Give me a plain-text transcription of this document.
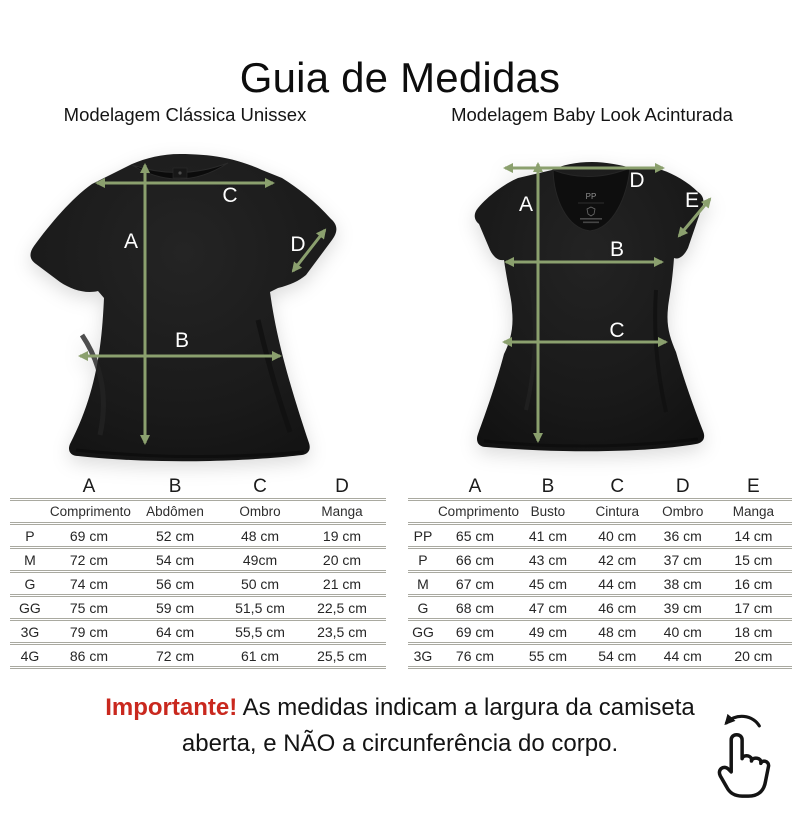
Guia de Medidas
Modelagem Clássica Unissex	Modelagem Baby Look Acinturada
A
B
C
D
PP
A
B
C
D
E
	A	B	C	D
	Comprimento	Abdômen	Ombro	Manga
P	69 cm	52 cm	48 cm	19 cm
M	72 cm	54 cm	49cm	20 cm
G	74 cm	56 cm	50 cm	21 cm
GG	75 cm	59 cm	51,5 cm	22,5 cm
3G	79 cm	64 cm	55,5 cm	23,5 cm
4G	86 cm	72 cm	61 cm	25,5 cm
	A	B	C	D	E
	Comprimento	Busto	Cintura	Ombro	Manga
PP	65 cm	41 cm	40 cm	36 cm	14 cm
P	66 cm	43 cm	42 cm	37 cm	15 cm
M	67 cm	45 cm	44 cm	38 cm	16 cm
G	68 cm	47 cm	46 cm	39 cm	17 cm
GG	69 cm	49 cm	48 cm	40 cm	18 cm
3G	76 cm	55 cm	54 cm	44 cm	20 cm
Importante! As medidas indicam a largura da camiseta
aberta, e NÃO a circunferência do corpo.
